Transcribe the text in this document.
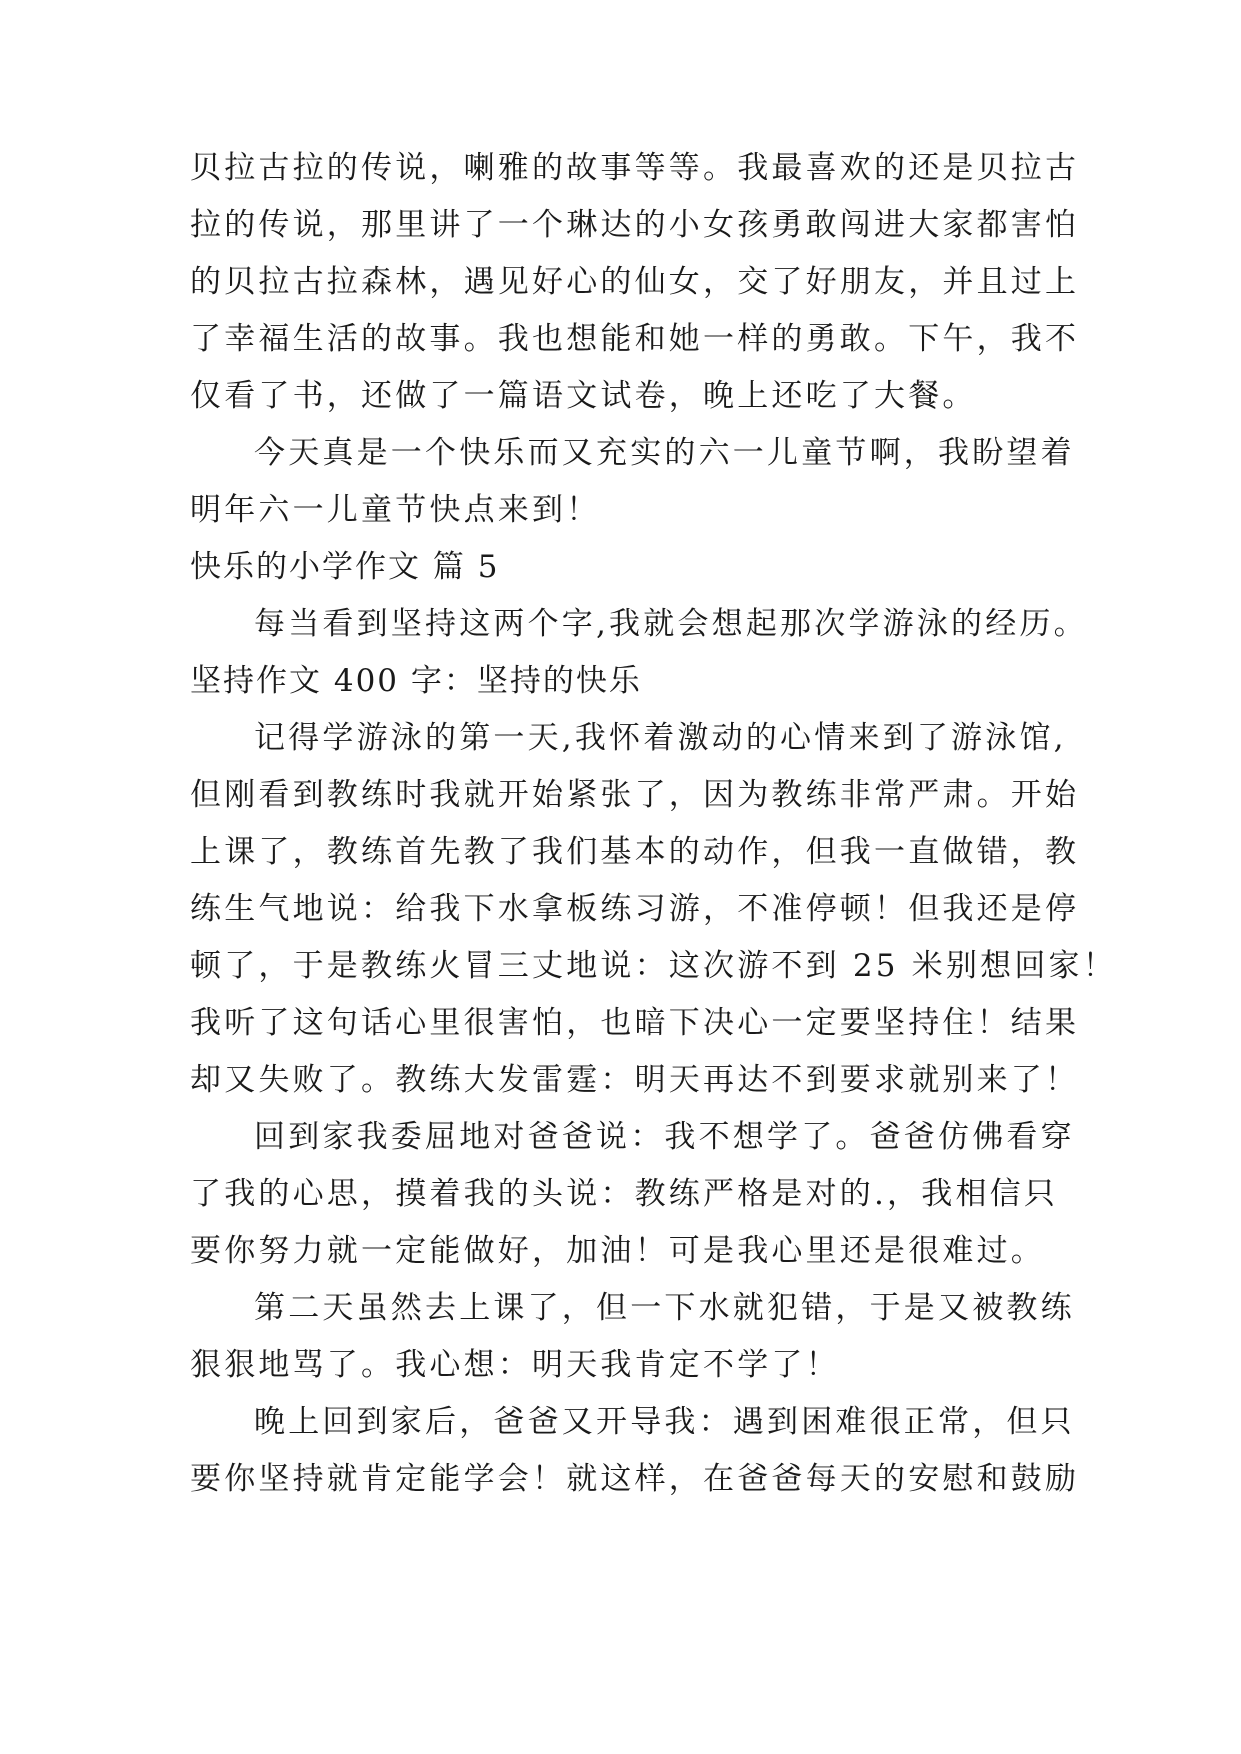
贝拉古拉的传说，喇雅的故事等等。我最喜欢的还是贝拉古
拉的传说，那里讲了一个琳达的小女孩勇敢闯进大家都害怕
的贝拉古拉森林，遇见好心的仙女，交了好朋友，并且过上
了幸福生活的故事。我也想能和她一样的勇敢。下午，我不
仅看了书，还做了一篇语文试卷，晚上还吃了大餐。
今天真是一个快乐而又充实的六一儿童节啊，我盼望着
明年六一儿童节快点来到！
快乐的小学作文 篇 5
每当看到坚持这两个字,我就会想起那次学游泳的经历。
坚持作文 400 字：坚持的快乐
记得学游泳的第一天,我怀着激动的心情来到了游泳馆,
但刚看到教练时我就开始紧张了，因为教练非常严肃。开始
上课了，教练首先教了我们基本的动作，但我一直做错，教
练生气地说：给我下水拿板练习游，不准停顿！但我还是停
顿了，于是教练火冒三丈地说：这次游不到 25 米别想回家！
我听了这句话心里很害怕，也暗下决心一定要坚持住！结果
却又失败了。教练大发雷霆：明天再达不到要求就别来了！
回到家我委屈地对爸爸说：我不想学了。爸爸仿佛看穿
了我的心思，摸着我的头说：教练严格是对的.，我相信只
要你努力就一定能做好，加油！可是我心里还是很难过。
第二天虽然去上课了，但一下水就犯错，于是又被教练
狠狠地骂了。我心想：明天我肯定不学了！
晚上回到家后，爸爸又开导我：遇到困难很正常，但只
要你坚持就肯定能学会！就这样，在爸爸每天的安慰和鼓励
